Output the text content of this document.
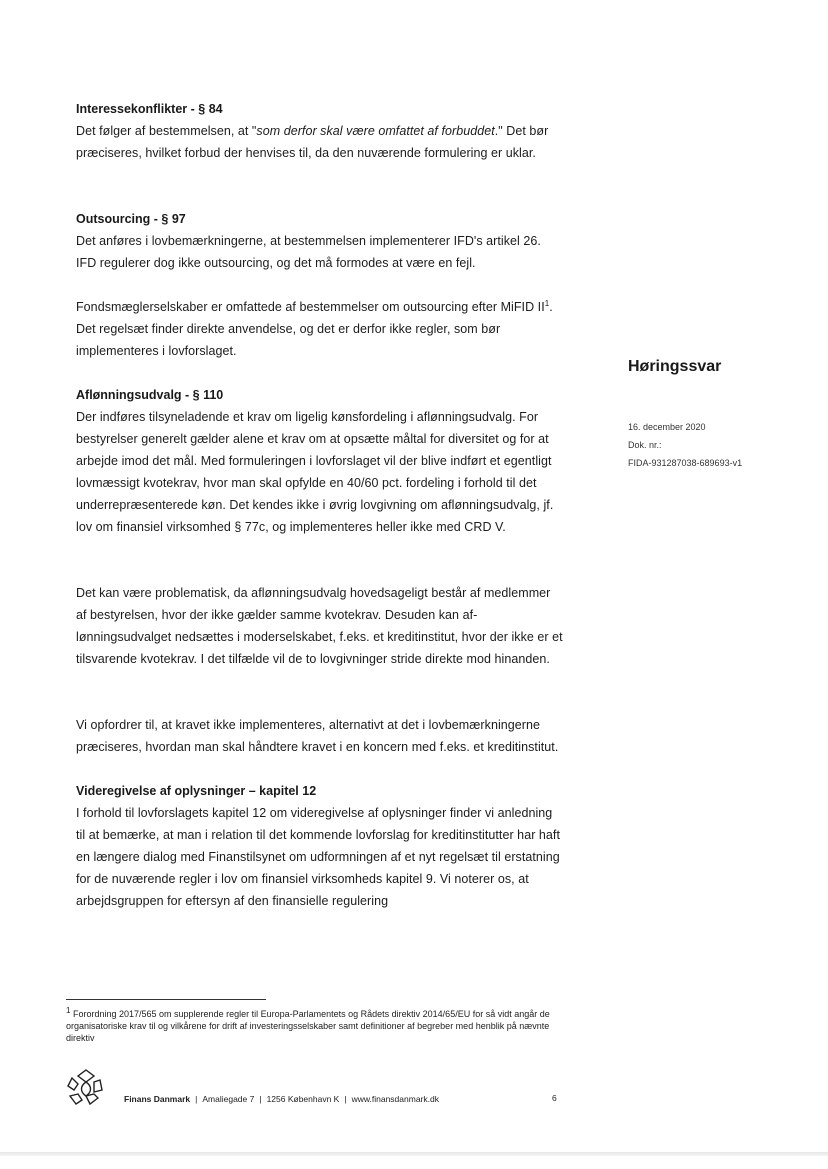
Interessekonflikter - § 84

Det følger af bestemmelsen, at "som derfor skal være omfattet af forbuddet." Det bør præciseres, hvilket forbud der henvises til, da den nuværende formulering er uklar.

Outsourcing - § 97

Det anføres i lovbemærkningerne, at bestemmelsen implementerer IFD's artikel 26. IFD regulerer dog ikke outsourcing, og det må formodes at være en fejl.

Fondsmæglerselskaber er omfattede af bestemmelser om outsourcing efter MiFID $II^1$. Det regelsæt finder direkte anvendelse, og det er derfor ikke regler, som bør implementeres i lovforslaget.

Aflønningsudvalg - § 110

Der indføres tilsyneladende et krav om ligelig kønsfordeling i aflønningsudvalg. For bestyrelser generelt gælder alene et krav om at opsætte måltal for diversitet og for at arbejde imod det mål. Med formuleringen i lovforslaget vil der blive indført et egentligt lovmæssigt kvotekrav, hvor man skal opfylde en 40/60 pct. fordeling i forhold til det underrepræsenterede køn. Det kendes ikke i øvrig lovgivning om aflønningsudvalg, jf. lov om finansiel virksomhed § 77c, og implementeres heller ikke med CRD V.

Det kan være problematisk, da aflønningsudvalg hovedsageligt består af medlemmer af bestyrelsen, hvor der ikke gælder samme kvotekrav. Desuden kan aflønningsudvalget nedsættes i moderselskabet, f.eks. et kreditinstitut, hvor der ikke er et tilsvarende kvotekrav. I det tilfælde vil de to lovgivninger stride direkte mod hinanden.

Vi opfordrer til, at kravet ikke implementeres, alternativt at det i lovbemærkningerne præciseres, hvordan man skal håndtere kravet i en koncern med f.eks. et kreditinstitut.

Videregivelse af oplysninger – kapitel 12

I forhold til lovforslagets kapitel 12 om videregivelse af oplysninger finder vi anledning til at bemærke, at man i relation til det kommende lovforslag for kreditinstitutter har haft en længere dialog med Finanstilsynet om udformningen af et nyt regelsæt til erstatning for de nuværende regler i lov om finansiel virksomheds kapitel 9. Vi noterer os, at arbejdsgruppen for eftersyn af den finansielle regulering

Høringssvar

16. december 2020
Dok. nr.:
FIDA-931287038-689693-v1
1 Forordning 2017/565 om supplerende regler til Europa-Parlamentets og Rådets direktiv 2014/65/EU for så vidt angår de organisatoriske krav til og vilkårene for drift af investeringsselskaber samt definitioner af begreber med henblik på nævnte direktiv
Finans Danmark | Amaliegade 7 | 1256 København K | www.finansdanmark.dk	6
